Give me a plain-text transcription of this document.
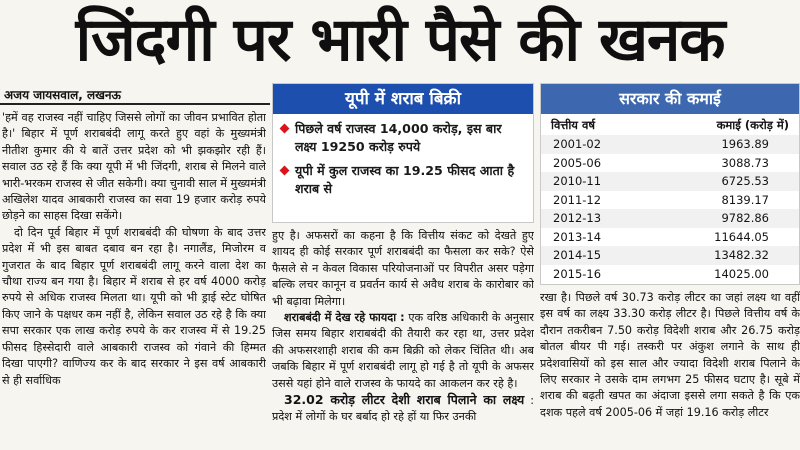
जिंदगी पर भारी पैसे की खनक
अजय जायसवाल, लखनऊ

'हमें वह राजस्व नहीं चाहिए जिससे लोगों का जीवन प्रभावित होता है।' बिहार में पूर्ण शराबबंदी लागू करते हुए वहां के मुख्यमंत्री नीतीश कुमार की ये बातें उत्तर प्रदेश को भी झकझोर रही हैं। सवाल उठ रहे हैं कि क्या यूपी में भी जिंदगी, शराब से मिलने वाले भारी-भरकम राजस्व से जीत सकेगी। क्या चुनावी साल में मुख्यमंत्री अखिलेश यादव आबकारी राजस्व का सवा 19 हजार करोड़ रुपये छोड़ने का साहस दिखा सकेंगे।

दो दिन पूर्व बिहार में पूर्ण शराबबंदी की घोषणा के बाद उत्तर प्रदेश में भी इस बाबत दबाव बन रहा है। नगालैंड, मिजोरम व गुजरात के बाद बिहार पूर्ण शराबबंदी लागू करने वाला देश का चौथा राज्य बन गया है। बिहार में शराब से हर वर्ष 4000 करोड़ रुपये से अधिक राजस्व मिलता था। यूपी को भी ड्राई स्टेट घोषित किए जाने के पक्षधर कम नहीं है, लेकिन सवाल उठ रहे है कि क्या सपा सरकार एक लाख करोड़ रुपये के कर राजस्व में से 19.25 फीसद हिस्सेदारी वाले आबकारी राजस्व को गंवाने की हिम्मत दिखा पाएगी? वाणिज्य कर के बाद सरकार ने इस वर्ष आबकारी से ही सर्वाधिक

यूपी में शराब बिक्री
पिछले वर्ष राजस्व 14,000 करोड़, इस बार लक्ष्य 19250 करोड़ रुपये
यूपी में कुल राजस्व का 19.25 फीसद आता है शराब से

हुए है। अफसरों का कहना है कि वित्तीय संकट को देखते हुए शायद ही कोई सरकार पूर्ण शराबबंदी का फैसला कर सके? ऐसे फैसले से न केवल विकास परियोजनाओं पर विपरीत असर पड़ेगा बल्कि लचर कानून व प्रवर्तन कार्य से अवैध शराब के कारोबार को भी बढ़ावा मिलेगा।

शराबबंदी में देख रहे फायदा : एक वरिष्ठ अधिकारी के अनुसार जिस समय बिहार शराबबंदी की तैयारी कर रहा था, उत्तर प्रदेश की अफसरशाही शराब की कम बिक्री को लेकर चिंतित थी। अब जबकि बिहार में पूर्ण शराबबंदी लागू हो गई है तो यूपी के अफसर उससे यहां होने वाले राजस्व के फायदे का आकलन कर रहे है।

32.02 करोड़ लीटर देशी शराब पिलाने का लक्ष्य : प्रदेश में लोगों के घर बर्बाद हो रहे हों या फिर उनकी

सरकार की कमाई
वित्तीय वर्ष	कमाई (करोड़ में)
2001-02	1963.89
2005-06	3088.73
2010-11	6725.53
2011-12	8139.17
2012-13	9782.86
2013-14	11644.05
2014-15	13482.32
2015-16	14025.00

रखा है। पिछले वर्ष 30.73 करोड़ लीटर का जहां लक्ष्य था वहीं इस वर्ष का लक्ष्य 33.30 करोड़ लीटर है। पिछले वित्तीय वर्ष के दौरान तकरीबन 7.50 करोड़ विदेशी शराब और 26.75 करोड़ बोतल बीयर पी गई। तस्करी पर अंकुश लगाने के साथ ही प्रदेशवासियों को इस साल और ज्यादा विदेशी शराब पिलाने के लिए सरकार ने उसके दाम लगभग 25 फीसद घटाए है। सूबे में शराब की बढ़ती खपत का अंदाजा इससे लगा सकते है कि एक दशक पहले वर्ष 2005-06 में जहां 19.16 करोड़ लीटर
